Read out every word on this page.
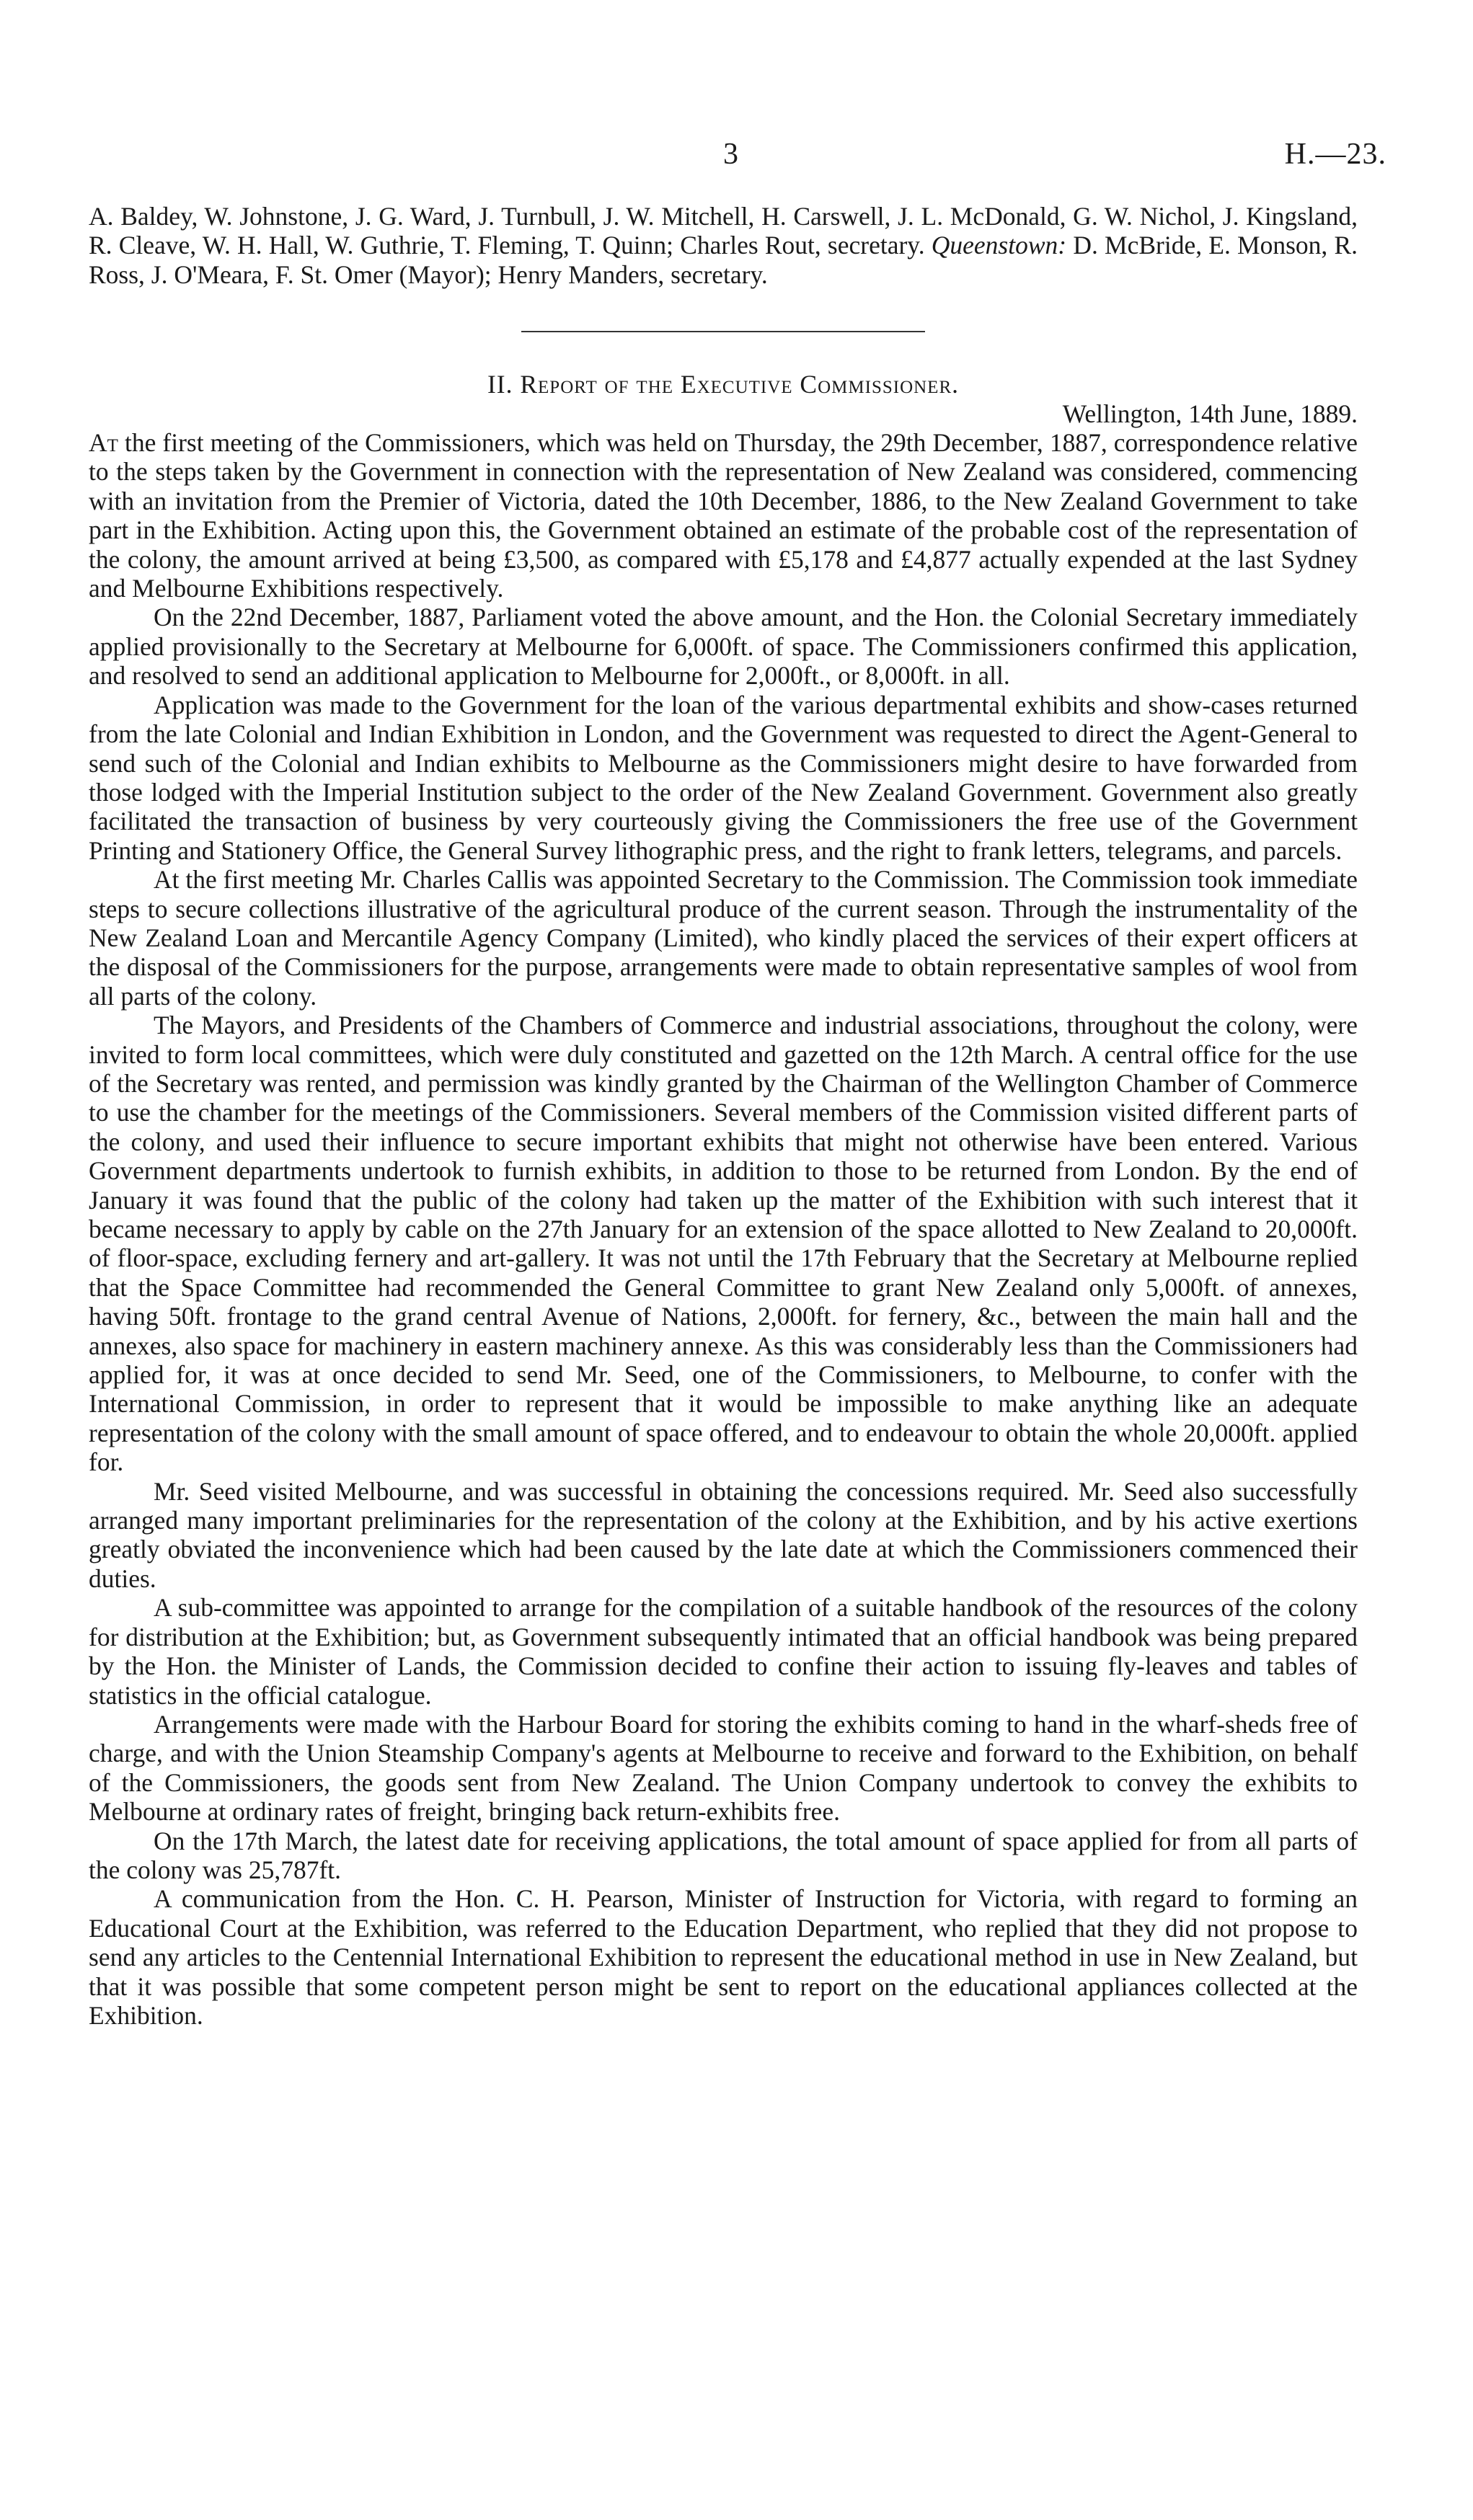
3	H.—23.

A. Baldey, W. Johnstone, J. G. Ward, J. Turnbull, J. W. Mitchell, H. Carswell, J. L. McDonald, G. W. Nichol, J. Kingsland, R. Cleave, W. H. Hall, W. Guthrie, T. Fleming, T. Quinn; Charles Rout, secretary. Queenstown: D. McBride, E. Monson, R. Ross, J. O'Meara, F. St. Omer (Mayor); Henry Manders, secretary.

II. Report of the Executive Commissioner.

Wellington, 14th June, 1889.

At the first meeting of the Commissioners, which was held on Thursday, the 29th December, 1887, correspondence relative to the steps taken by the Government in connection with the representation of New Zealand was considered, commencing with an invitation from the Premier of Victoria, dated the 10th December, 1886, to the New Zealand Government to take part in the Exhibition. Acting upon this, the Government obtained an estimate of the probable cost of the representation of the colony, the amount arrived at being £3,500, as compared with £5,178 and £4,877 actually expended at the last Sydney and Melbourne Exhibitions respectively.

On the 22nd December, 1887, Parliament voted the above amount, and the Hon. the Colonial Secretary immediately applied provisionally to the Secretary at Melbourne for 6,000ft. of space. The Commissioners confirmed this application, and resolved to send an additional application to Melbourne for 2,000ft., or 8,000ft. in all.

Application was made to the Government for the loan of the various departmental exhibits and show-cases returned from the late Colonial and Indian Exhibition in London, and the Government was requested to direct the Agent-General to send such of the Colonial and Indian exhibits to Melbourne as the Commissioners might desire to have forwarded from those lodged with the Imperial Institution subject to the order of the New Zealand Government. Government also greatly facilitated the transaction of business by very courteously giving the Commissioners the free use of the Government Printing and Stationery Office, the General Survey lithographic press, and the right to frank letters, telegrams, and parcels.

At the first meeting Mr. Charles Callis was appointed Secretary to the Commission. The Commission took immediate steps to secure collections illustrative of the agricultural produce of the current season. Through the instrumentality of the New Zealand Loan and Mercantile Agency Company (Limited), who kindly placed the services of their expert officers at the disposal of the Commissioners for the purpose, arrangements were made to obtain representative samples of wool from all parts of the colony.

The Mayors, and Presidents of the Chambers of Commerce and industrial associations, throughout the colony, were invited to form local committees, which were duly constituted and gazetted on the 12th March. A central office for the use of the Secretary was rented, and permission was kindly granted by the Chairman of the Wellington Chamber of Commerce to use the chamber for the meetings of the Commissioners. Several members of the Commission visited different parts of the colony, and used their influence to secure important exhibits that might not otherwise have been entered. Various Government departments undertook to furnish exhibits, in addition to those to be returned from London. By the end of January it was found that the public of the colony had taken up the matter of the Exhibition with such interest that it became necessary to apply by cable on the 27th January for an extension of the space allotted to New Zealand to 20,000ft. of floor-space, excluding fernery and art-gallery. It was not until the 17th February that the Secretary at Melbourne replied that the Space Committee had recommended the General Committee to grant New Zealand only 5,000ft. of annexes, having 50ft. frontage to the grand central Avenue of Nations, 2,000ft. for fernery, &c., between the main hall and the annexes, also space for machinery in eastern machinery annexe. As this was considerably less than the Commissioners had applied for, it was at once decided to send Mr. Seed, one of the Commissioners, to Melbourne, to confer with the International Commission, in order to represent that it would be impossible to make anything like an adequate representation of the colony with the small amount of space offered, and to endeavour to obtain the whole 20,000ft. applied for.

Mr. Seed visited Melbourne, and was successful in obtaining the concessions required. Mr. Seed also successfully arranged many important preliminaries for the representation of the colony at the Exhibition, and by his active exertions greatly obviated the inconvenience which had been caused by the late date at which the Commissioners commenced their duties.

A sub-committee was appointed to arrange for the compilation of a suitable handbook of the resources of the colony for distribution at the Exhibition; but, as Government subsequently intimated that an official handbook was being prepared by the Hon. the Minister of Lands, the Commission decided to confine their action to issuing fly-leaves and tables of statistics in the official catalogue.

Arrangements were made with the Harbour Board for storing the exhibits coming to hand in the wharf-sheds free of charge, and with the Union Steamship Company's agents at Melbourne to receive and forward to the Exhibition, on behalf of the Commissioners, the goods sent from New Zealand. The Union Company undertook to convey the exhibits to Melbourne at ordinary rates of freight, bringing back return-exhibits free.

On the 17th March, the latest date for receiving applications, the total amount of space applied for from all parts of the colony was 25,787ft.

A communication from the Hon. C. H. Pearson, Minister of Instruction for Victoria, with regard to forming an Educational Court at the Exhibition, was referred to the Education Department, who replied that they did not propose to send any articles to the Centennial International Exhibition to represent the educational method in use in New Zealand, but that it was possible that some competent person might be sent to report on the educational appliances collected at the Exhibition.
